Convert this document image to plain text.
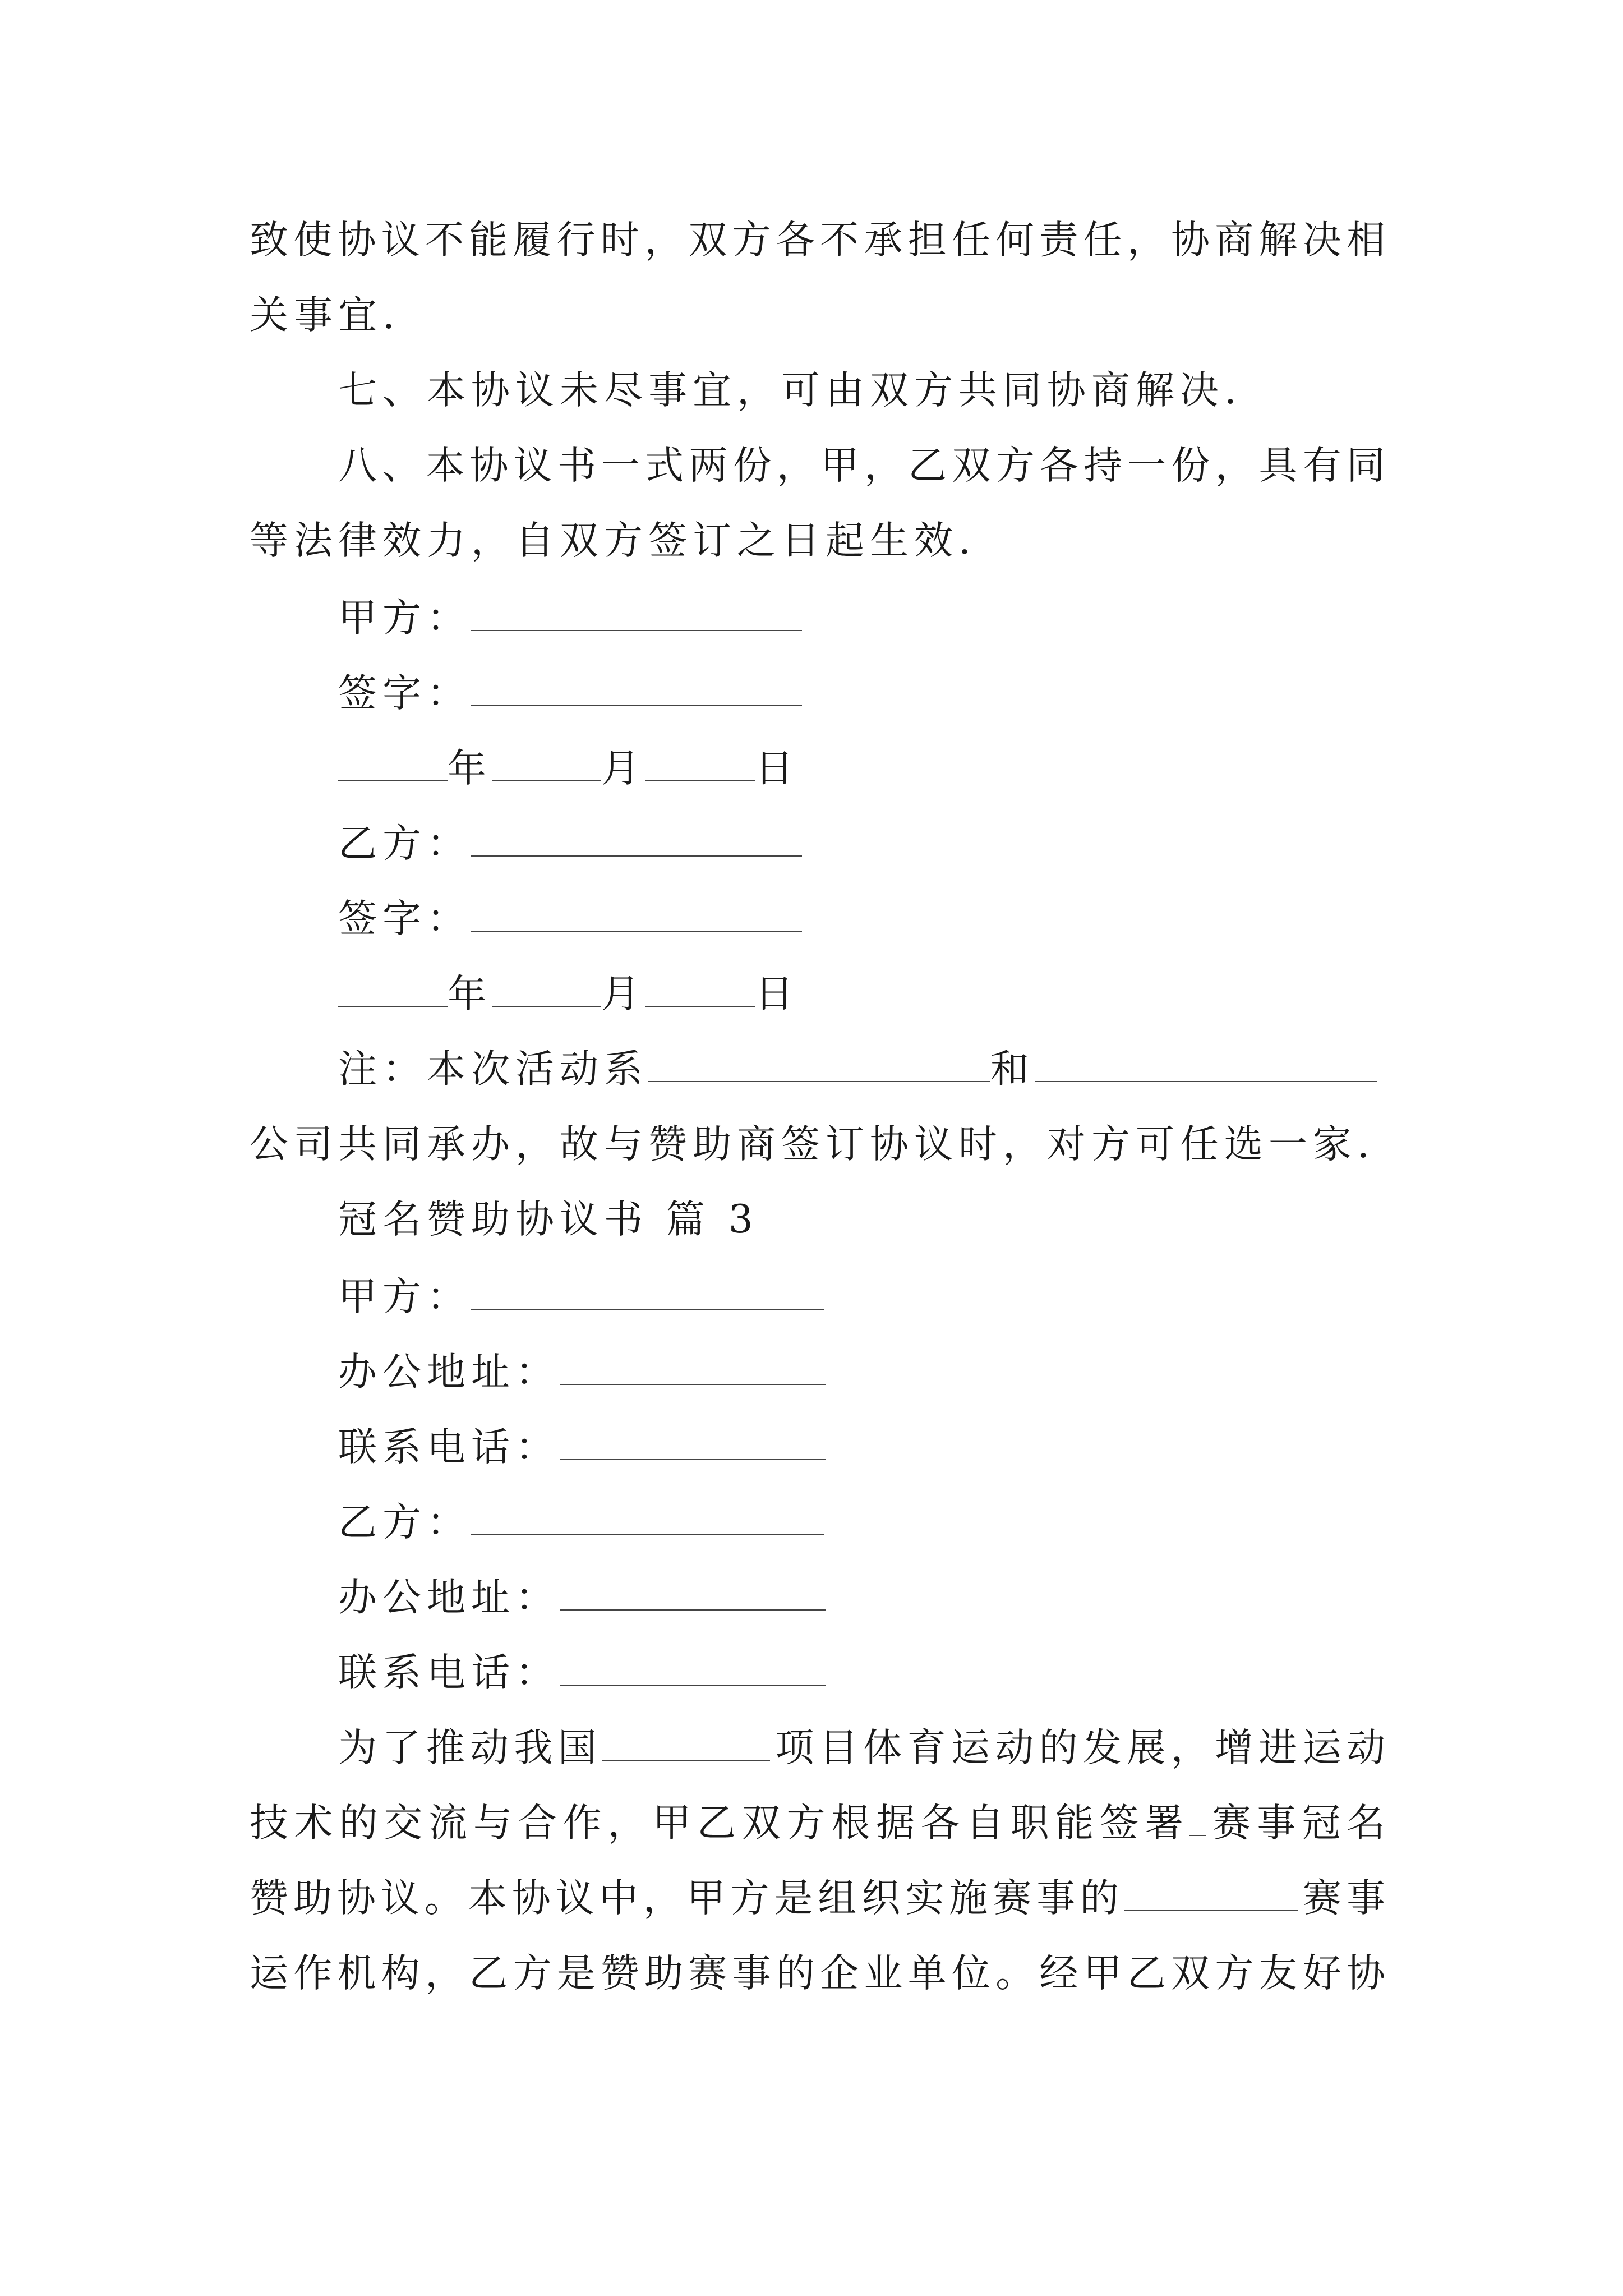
致使协议不能履行时，双方各不承担任何责任，协商解决相
关事宜.
七、本协议未尽事宜，可由双方共同协商解决.
八、本协议书一式两份，甲，乙双方各持一份，具有同
等法律效力，自双方签订之日起生效.
甲方：
签字：
年	月	日
乙方：
签字：
年	月	日
注：本次活动系	和
公司共同承办，故与赞助商签订协议时，对方可任选一家.
冠名赞助协议书 篇 3
甲方：
办公地址：
联系电话：
乙方：
办公地址：
联系电话：
为了推动我国	项目体育运动的发展，增进运动
技术的交流与合作，甲乙双方根据各自职能签署 赛事冠名
赞助协议。本协议中，甲方是组织实施赛事的	赛事
运作机构，乙方是赞助赛事的企业单位。经甲乙双方友好协
